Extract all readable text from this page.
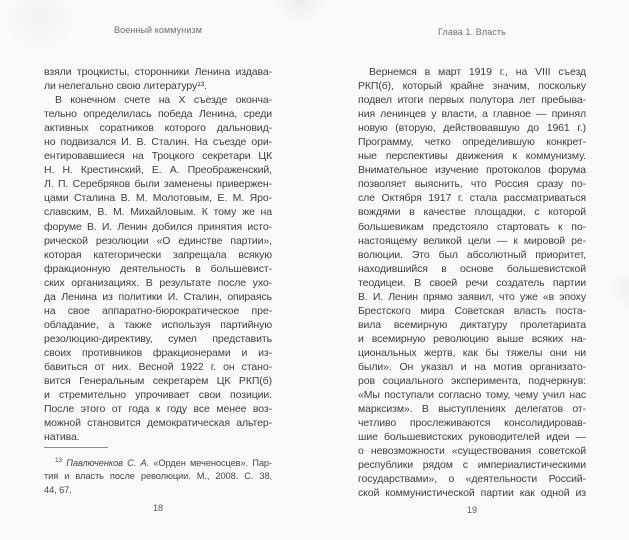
Военный коммунизм
взяли троцкисты, сторонники Ленина издава-
ли нелегально свою литературу¹³.
В конечном счете на X съезде оконча-
тельно определилась победа Ленина, среди
активных соратников которого дальновид-
но подвизался И. В. Сталин. На съезде ори-
ентировавшиеся на Троцкого секретари ЦК
Н. Н. Крестинский, Е. А. Преображенский,
Л. П. Серебряков были заменены привержен-
цами Сталина В. М. Молотовым, Е. М. Яро-
славским, В. М. Михайловым. К тому же на
форуме В. И. Ленин добился принятия исто-
рической резолюции «О единстве партии»,
которая категорически запрещала всякую
фракционную деятельность в большевист-
ских организациях. В результате после ухо-
да Ленина из политики И. Сталин, опираясь
на свое аппаратно-бюрократическое пре-
обладание, а также используя партийную
резолюцию-директиву, сумел представить
своих противников фракционерами и из-
бавиться от них. Весной 1922 г. он стано-
вится Генеральным секретарем ЦК РКП(б)
и стремительно упрочивает свои позиции.
После этого от года к году все менее воз-
можной становится демократическая альтер-
натива.
$^{13}$ Павлюченков С. А. «Орден меченосцев». Пар-
тия и власть после революции. М., 2008. С. 38,
44, 67.
18
Глава 1. Власть
Вернемся в март 1919 г., на VIII съезд
РКП(б), который крайне значим, поскольку
подвел итоги первых полутора лет пребыва-
ния ленинцев у власти, а главное — принял
новую (вторую, действовавшую до 1961 г.)
Программу, четко определившую конкрет-
ные перспективы движения к коммунизму.
Внимательное изучение протоколов форума
позволяет выяснить, что Россия сразу по-
сле Октября 1917 г. стала рассматриваться
вождями в качестве площадки, с которой
большевикам предстояло стартовать к по-
настоящему великой цели — к мировой ре-
волюции. Это был абсолютный приоритет,
находившийся в основе большевистской
теодицеи. В своей речи создатель партии
В. И. Ленин прямо заявил, что уже «в эпоху
Брестского мира Советская власть поста-
вила всемирную диктатуру пролетариата
и всемирную революцию выше всяких на-
циональных жертв, как бы тяжелы они ни
были». Он указал и на мотив организато-
ров социального эксперимента, подчеркнув:
«Мы поступали согласно тому, чему учил нас
марксизм». В выступлениях делегатов от-
четливо прослеживаются консолидировав-
шие большевистских руководителей идеи —
о невозможности «существования советской
республики рядом с империалистическими
государствами», о «деятельности Россий-
ской коммунистической партии как одной из
19
